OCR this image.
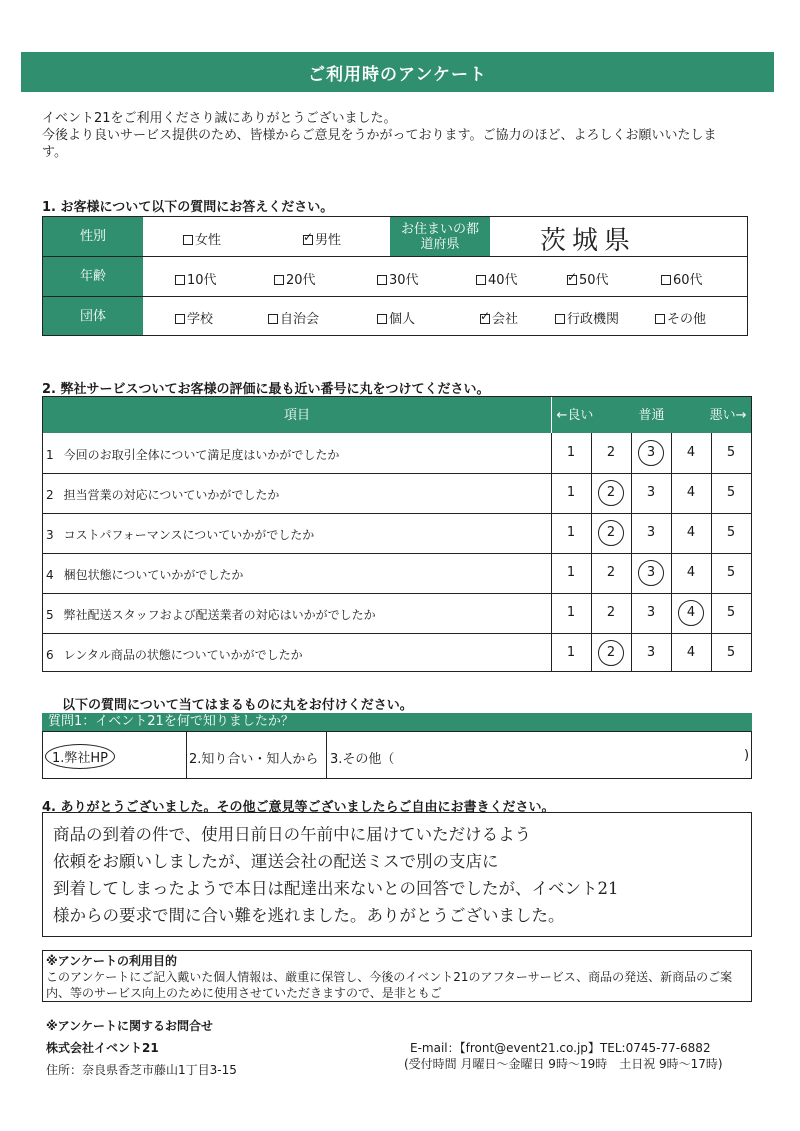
ご利用時のアンケート
イベント21をご利用くださり誠にありがとうございました。
今後より良いサービス提供のため、皆様からご意見をうかがっております。ご協力のほど、よろしくお願いいたしま
す。
1. お客様について以下の質問にお答えください。
性別	女性 ✓	男性
お住まいの都道府県	茨城県
年齢	10代	20代	30代	40代 ✓	50代	60代
団体	学校	自治会	個人 ✓	会社	行政機関	その他
2. 弊社サービスついてお客様の評価に最も近い番号に丸をつけてください。
項目	←良い	普通	悪い→
1 今回のお取引全体について満足度はいかがでしたか	1	2	3	4	5
2 担当営業の対応についていかがでしたか	1	2	3	4	5
3 コストパフォーマンスについていかがでしたか	1	2	3	4	5
4 梱包状態についていかがでしたか	1	2	3	4	5
5 弊社配送スタッフおよび配送業者の対応はいかがでしたか	1	2	3	4	5
6 レンタル商品の状態についていかがでしたか	1	2	3	4	5
以下の質問について当てはまるものに丸をお付けください。
質問1：イベント21を何で知りましたか？
1.弊社HP	2.知り合い・知人から 3.その他（	)
4. ありがとうございました。その他ご意見等ございましたらご自由にお書きください。
商品の到着の件で、使用日前日の午前中に届けていただけるよう
依頼をお願いしましたが、運送会社の配送ミスで別の支店に
到着してしまったようで本日は配達出来ないとの回答でしたが、イベント21
様からの要求で間に合い難を逃れました。ありがとうございました。
※アンケートの利用目的
このアンケートにご記入戴いた個人情報は、厳重に保管し、今後のイベント21のアフターサービス、商品の発送、新商品のご案
内、等のサービス向上のために使用させていただきますので、是非ともご
※アンケートに関するお問合せ
株式会社イベント21
住所：奈良県香芝市藤山1丁目3-15
E-mail：【front@event21.co.jp】TEL:0745-77-6882
(受付時間 月曜日～金曜日 9時～19時　土日祝 9時～17時)
